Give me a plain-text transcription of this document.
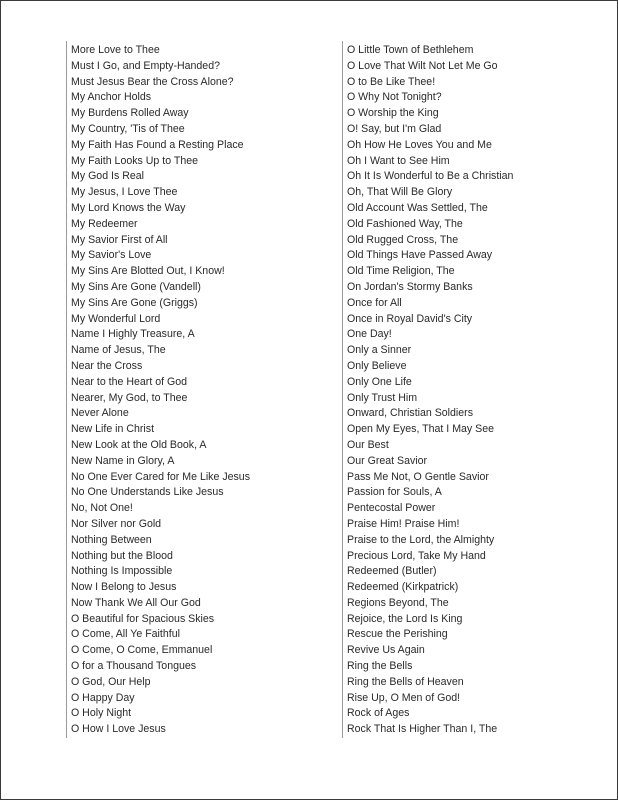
More Love to Thee
Must I Go, and Empty-Handed?
Must Jesus Bear the Cross Alone?
My Anchor Holds
My Burdens Rolled Away
My Country, 'Tis of Thee
My Faith Has Found a Resting Place
My Faith Looks Up to Thee
My God Is Real
My Jesus, I Love Thee
My Lord Knows the Way
My Redeemer
My Savior First of All
My Savior's Love
My Sins Are Blotted Out, I Know!
My Sins Are Gone (Vandell)
My Sins Are Gone (Griggs)
My Wonderful Lord
Name I Highly Treasure, A
Name of Jesus, The
Near the Cross
Near to the Heart of God
Nearer, My God, to Thee
Never Alone
New Life in Christ
New Look at the Old Book, A
New Name in Glory, A
No One Ever Cared for Me Like Jesus
No One Understands Like Jesus
No, Not One!
Nor Silver nor Gold
Nothing Between
Nothing but the Blood
Nothing Is Impossible
Now I Belong to Jesus
Now Thank We All Our God
O Beautiful for Spacious Skies
O Come, All Ye Faithful
O Come, O Come, Emmanuel
O for a Thousand Tongues
O God, Our Help
O Happy Day
O Holy Night
O How I Love Jesus
O Little Town of Bethlehem
O Love That Wilt Not Let Me Go
O to Be Like Thee!
O Why Not Tonight?
O Worship the King
O! Say, but I'm Glad
Oh How He Loves You and Me
Oh I Want to See Him
Oh It Is Wonderful to Be a Christian
Oh, That Will Be Glory
Old Account Was Settled, The
Old Fashioned Way, The
Old Rugged Cross, The
Old Things Have Passed Away
Old Time Religion, The
On Jordan's Stormy Banks
Once for All
Once in Royal David's City
One Day!
Only a Sinner
Only Believe
Only One Life
Only Trust Him
Onward, Christian Soldiers
Open My Eyes, That I May See
Our Best
Our Great Savior
Pass Me Not, O Gentle Savior
Passion for Souls, A
Pentecostal Power
Praise Him! Praise Him!
Praise to the Lord, the Almighty
Precious Lord, Take My Hand
Redeemed (Butler)
Redeemed (Kirkpatrick)
Regions Beyond, The
Rejoice, the Lord Is King
Rescue the Perishing
Revive Us Again
Ring the Bells
Ring the Bells of Heaven
Rise Up, O Men of God!
Rock of Ages
Rock That Is Higher Than I, The
